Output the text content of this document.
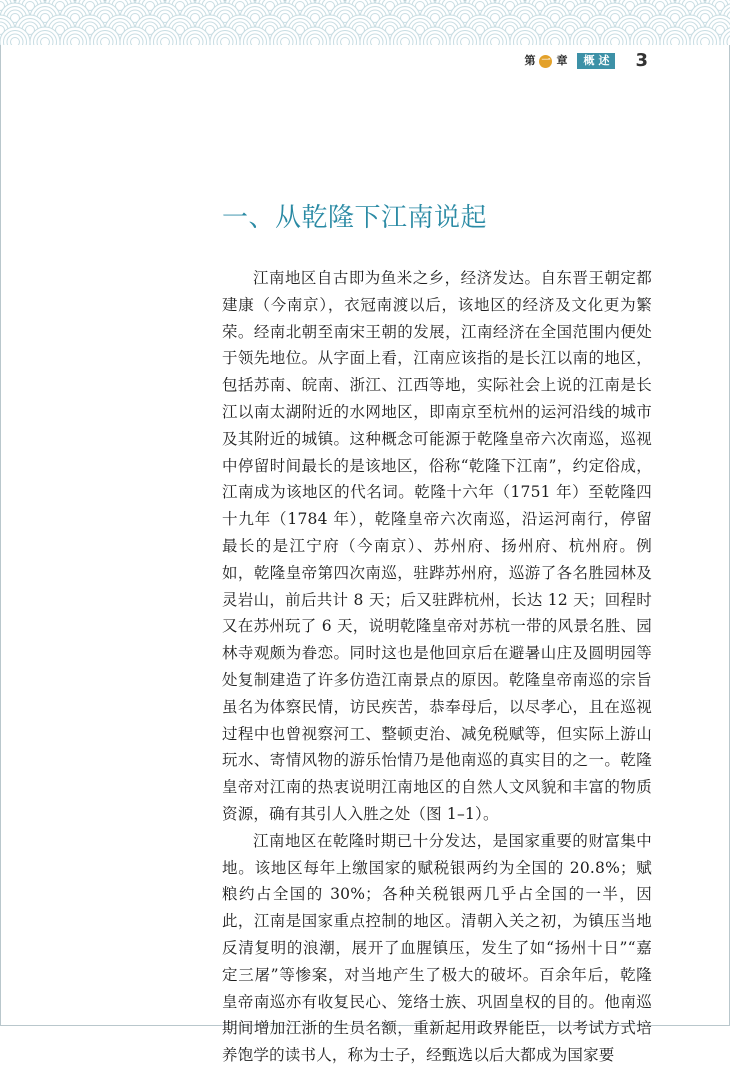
第 一 章	概述 3
一、从乾隆下江南说起

江南地区自古即为鱼米之乡，经济发达。自东晋王朝定都建康（今南京），衣冠南渡以后，该地区的经济及文化更为繁荣。经南北朝至南宋王朝的发展，江南经济在全国范围内便处于领先地位。从字面上看，江南应该指的是长江以南的地区，包括苏南、皖南、浙江、江西等地，实际社会上说的江南是长江以南太湖附近的水网地区，即南京至杭州的运河沿线的城市及其附近的城镇。这种概念可能源于乾隆皇帝六次南巡，巡视中停留时间最长的是该地区，俗称“乾隆下江南”，约定俗成，江南成为该地区的代名词。乾隆十六年（1751 年）至乾隆四十九年（1784 年），乾隆皇帝六次南巡，沿运河南行，停留最长的是江宁府（今南京）、苏州府、扬州府、杭州府。例如，乾隆皇帝第四次南巡，驻跸苏州府，巡游了各名胜园林及灵岩山，前后共计 8 天；后又驻跸杭州，长达 12 天；回程时又在苏州玩了 6 天，说明乾隆皇帝对苏杭一带的风景名胜、园林寺观颇为眷恋。同时这也是他回京后在避暑山庄及圆明园等处复制建造了许多仿造江南景点的原因。乾隆皇帝南巡的宗旨虽名为体察民情，访民疾苦，恭奉母后，以尽孝心，且在巡视过程中也曾视察河工、整顿吏治、减免税赋等，但实际上游山玩水、寄情风物的游乐怡情乃是他南巡的真实目的之一。乾隆皇帝对江南的热衷说明江南地区的自然人文风貌和丰富的物质资源，确有其引人入胜之处（图 1–1）。

江南地区在乾隆时期已十分发达，是国家重要的财富集中地。该地区每年上缴国家的赋税银两约为全国的 20.8%；赋粮约占全国的 30%；各种关税银两几乎占全国的一半，因此，江南是国家重点控制的地区。清朝入关之初，为镇压当地反清复明的浪潮，展开了血腥镇压，发生了如“扬州十日”“嘉定三屠”等惨案，对当地产生了极大的破坏。百余年后，乾隆皇帝南巡亦有收复民心、笼络士族、巩固皇权的目的。他南巡期间增加江浙的生员名额，重新起用政界能臣，以考试方式培养饱学的读书人，称为士子，经甄选以后大都成为国家要
